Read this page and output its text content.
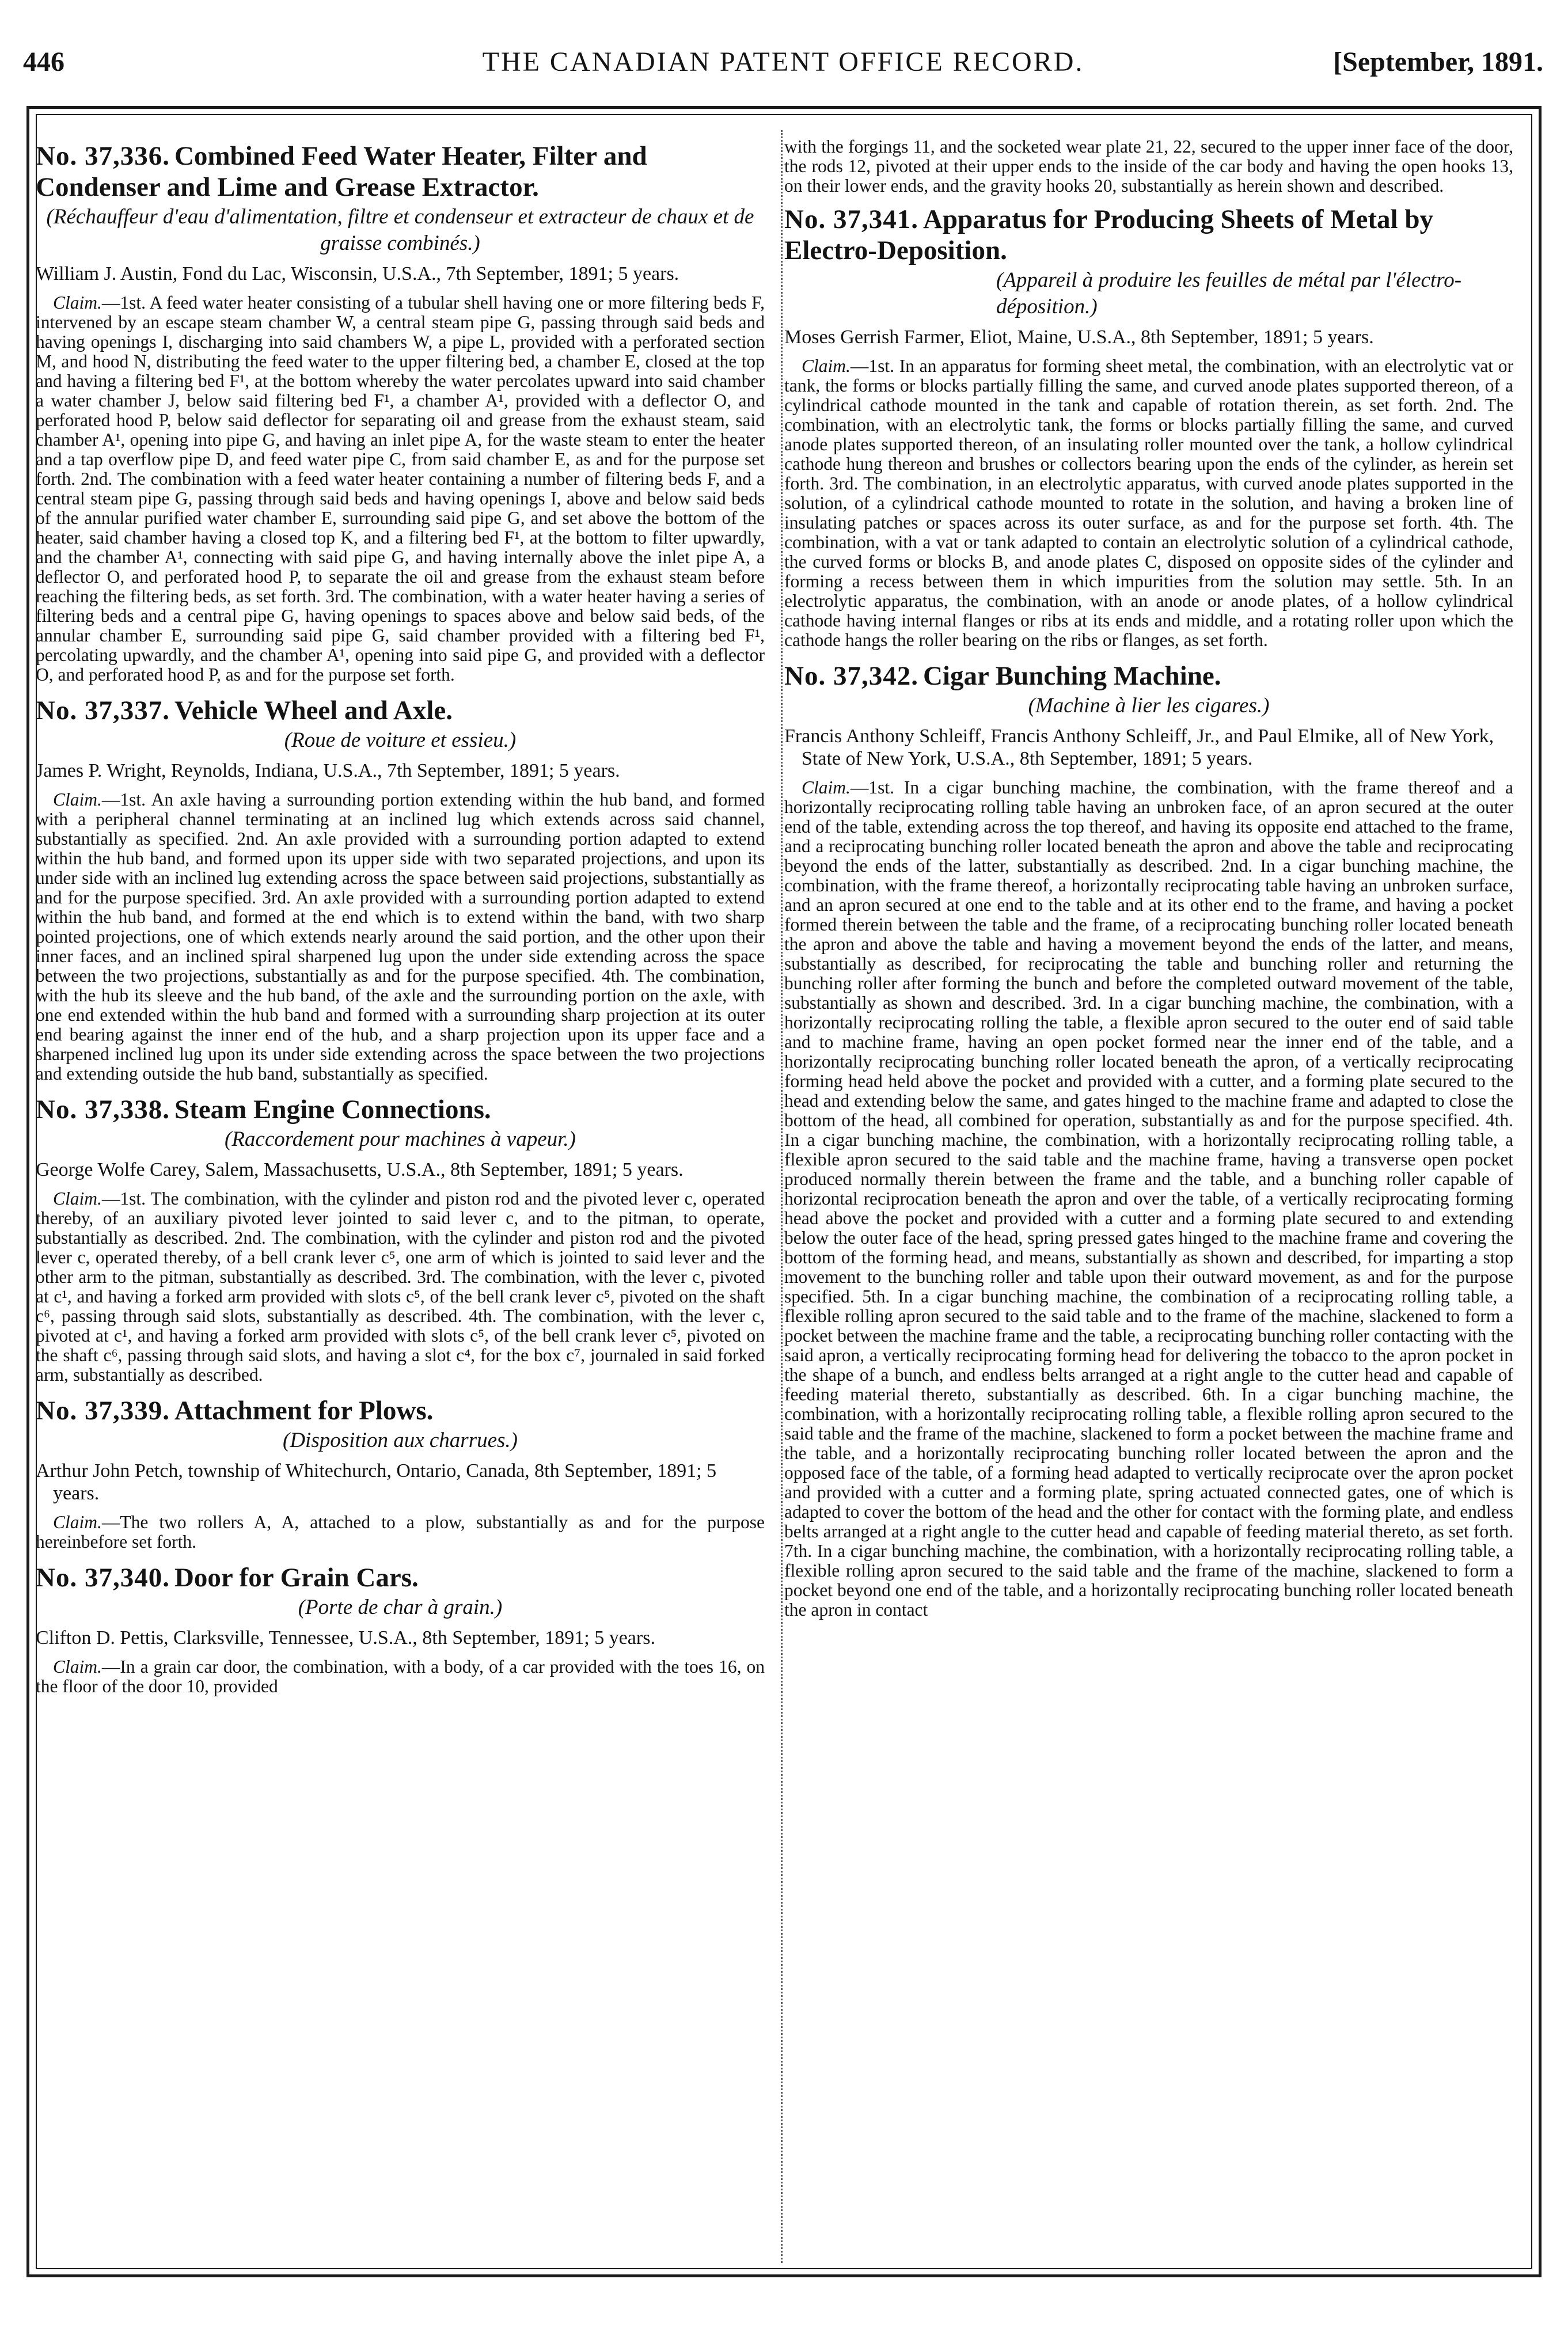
446	THE CANADIAN PATENT OFFICE RECORD.	[September, 1891.
No. 37,336. Combined Feed Water Heater, Filter and Condenser and Lime and Grease Extractor.
(Réchauffeur d'eau d'alimentation, filtre et condenseur et extracteur de chaux et de graisse combinés.)
William J. Austin, Fond du Lac, Wisconsin, U.S.A., 7th September, 1891; 5 years.

Claim.—1st. A feed water heater consisting of a tubular shell having one or more filtering beds F, intervened by an escape steam chamber W, a central steam pipe G, passing through said beds and having openings I, discharging into said chambers W, a pipe L, provided with a perforated section M, and hood N, distributing the feed water to the upper filtering bed, a chamber E, closed at the top and having a filtering bed F¹, at the bottom whereby the water percolates upward into said chamber a water chamber J, below said filtering bed F¹, a chamber A¹, provided with a deflector O, and perforated hood P, below said deflector for separating oil and grease from the exhaust steam, said chamber A¹, opening into pipe G, and having an inlet pipe A, for the waste steam to enter the heater and a tap overflow pipe D, and feed water pipe C, from said chamber E, as and for the purpose set forth. 2nd. The combination with a feed water heater containing a number of filtering beds F, and a central steam pipe G, passing through said beds and having openings I, above and below said beds of the annular purified water chamber E, surrounding said pipe G, and set above the bottom of the heater, said chamber having a closed top K, and a filtering bed F¹, at the bottom to filter upwardly, and the chamber A¹, connecting with said pipe G, and having internally above the inlet pipe A, a deflector O, and perforated hood P, to separate the oil and grease from the exhaust steam before reaching the filtering beds, as set forth. 3rd. The combination, with a water heater having a series of filtering beds and a central pipe G, having openings to spaces above and below said beds, of the annular chamber E, surrounding said pipe G, said chamber provided with a filtering bed F¹, percolating upwardly, and the chamber A¹, opening into said pipe G, and provided with a deflector O, and perforated hood P, as and for the purpose set forth.

No. 37,337. Vehicle Wheel and Axle.
(Roue de voiture et essieu.)
James P. Wright, Reynolds, Indiana, U.S.A., 7th September, 1891; 5 years.

Claim.—1st. An axle having a surrounding portion extending within the hub band, and formed with a peripheral channel terminating at an inclined lug which extends across said channel, substantially as specified. 2nd. An axle provided with a surrounding portion adapted to extend within the hub band, and formed upon its upper side with two separated projections, and upon its under side with an inclined lug extending across the space between said projections, substantially as and for the purpose specified. 3rd. An axle provided with a surrounding portion adapted to extend within the hub band, and formed at the end which is to extend within the band, with two sharp pointed projections, one of which extends nearly around the said portion, and the other upon their inner faces, and an inclined spiral sharpened lug upon the under side extending across the space between the two projections, substantially as and for the purpose specified. 4th. The combination, with the hub its sleeve and the hub band, of the axle and the surrounding portion on the axle, with one end extended within the hub band and formed with a surrounding sharp projection at its outer end bearing against the inner end of the hub, and a sharp projection upon its upper face and a sharpened inclined lug upon its under side extending across the space between the two projections and extending outside the hub band, substantially as specified.

No. 37,338. Steam Engine Connections.
(Raccordement pour machines à vapeur.)
George Wolfe Carey, Salem, Massachusetts, U.S.A., 8th September, 1891; 5 years.

Claim.—1st. The combination, with the cylinder and piston rod and the pivoted lever c, operated thereby, of an auxiliary pivoted lever jointed to said lever c, and to the pitman, to operate, substantially as described. 2nd. The combination, with the cylinder and piston rod and the pivoted lever c, operated thereby, of a bell crank lever c⁵, one arm of which is jointed to said lever and the other arm to the pitman, substantially as described. 3rd. The combination, with the lever c, pivoted at c¹, and having a forked arm provided with slots c⁵, of the bell crank lever c⁵, pivoted on the shaft c⁶, passing through said slots, substantially as described. 4th. The combination, with the lever c, pivoted at c¹, and having a forked arm provided with slots c⁵, of the bell crank lever c⁵, pivoted on the shaft c⁶, passing through said slots, and having a slot c⁴, for the box c⁷, journaled in said forked arm, substantially as described.

No. 37,339. Attachment for Plows.
(Disposition aux charrues.)
Arthur John Petch, township of Whitechurch, Ontario, Canada, 8th September, 1891; 5 years.

Claim.—The two rollers A, A, attached to a plow, substantially as and for the purpose hereinbefore set forth.

No. 37,340. Door for Grain Cars.
(Porte de char à grain.)
Clifton D. Pettis, Clarksville, Tennessee, U.S.A., 8th September, 1891; 5 years.

Claim.—In a grain car door, the combination, with a body, of a car provided with the toes 16, on the floor of the door 10, provided

with the forgings 11, and the socketed wear plate 21, 22, secured to the upper inner face of the door, the rods 12, pivoted at their upper ends to the inside of the car body and having the open hooks 13, on their lower ends, and the gravity hooks 20, substantially as herein shown and described.

No. 37,341. Apparatus for Producing Sheets of Metal by Electro-Deposition.
(Appareil à produire les feuilles de métal par l'électro-déposition.)
Moses Gerrish Farmer, Eliot, Maine, U.S.A., 8th September, 1891; 5 years.

Claim.—1st. In an apparatus for forming sheet metal, the combination, with an electrolytic vat or tank, the forms or blocks partially filling the same, and curved anode plates supported thereon, of a cylindrical cathode mounted in the tank and capable of rotation therein, as set forth. 2nd. The combination, with an electrolytic tank, the forms or blocks partially filling the same, and curved anode plates supported thereon, of an insulating roller mounted over the tank, a hollow cylindrical cathode hung thereon and brushes or collectors bearing upon the ends of the cylinder, as herein set forth. 3rd. The combination, in an electrolytic apparatus, with curved anode plates supported in the solution, of a cylindrical cathode mounted to rotate in the solution, and having a broken line of insulating patches or spaces across its outer surface, as and for the purpose set forth. 4th. The combination, with a vat or tank adapted to contain an electrolytic solution of a cylindrical cathode, the curved forms or blocks B, and anode plates C, disposed on opposite sides of the cylinder and forming a recess between them in which impurities from the solution may settle. 5th. In an electrolytic apparatus, the combination, with an anode or anode plates, of a hollow cylindrical cathode having internal flanges or ribs at its ends and middle, and a rotating roller upon which the cathode hangs the roller bearing on the ribs or flanges, as set forth.

No. 37,342. Cigar Bunching Machine.
(Machine à lier les cigares.)
Francis Anthony Schleiff, Francis Anthony Schleiff, Jr., and Paul Elmike, all of New York, State of New York, U.S.A., 8th September, 1891; 5 years.

Claim.—1st. In a cigar bunching machine, the combination, with the frame thereof and a horizontally reciprocating rolling table having an unbroken face, of an apron secured at the outer end of the table, extending across the top thereof, and having its opposite end attached to the frame, and a reciprocating bunching roller located beneath the apron and above the table and reciprocating beyond the ends of the latter, substantially as described. 2nd. In a cigar bunching machine, the combination, with the frame thereof, a horizontally reciprocating table having an unbroken surface, and an apron secured at one end to the table and at its other end to the frame, and having a pocket formed therein between the table and the frame, of a reciprocating bunching roller located beneath the apron and above the table and having a movement beyond the ends of the latter, and means, substantially as described, for reciprocating the table and bunching roller and returning the bunching roller after forming the bunch and before the completed outward movement of the table, substantially as shown and described. 3rd. In a cigar bunching machine, the combination, with a horizontally reciprocating rolling the table, a flexible apron secured to the outer end of said table and to machine frame, having an open pocket formed near the inner end of the table, and a horizontally reciprocating bunching roller located beneath the apron, of a vertically reciprocating forming head held above the pocket and provided with a cutter, and a forming plate secured to the head and extending below the same, and gates hinged to the machine frame and adapted to close the bottom of the head, all combined for operation, substantially as and for the purpose specified. 4th. In a cigar bunching machine, the combination, with a horizontally reciprocating rolling table, a flexible apron secured to the said table and the machine frame, having a transverse open pocket produced normally therein between the frame and the table, and a bunching roller capable of horizontal reciprocation beneath the apron and over the table, of a vertically reciprocating forming head above the pocket and provided with a cutter and a forming plate secured to and extending below the outer face of the head, spring pressed gates hinged to the machine frame and covering the bottom of the forming head, and means, substantially as shown and described, for imparting a stop movement to the bunching roller and table upon their outward movement, as and for the purpose specified. 5th. In a cigar bunching machine, the combination of a reciprocating rolling table, a flexible rolling apron secured to the said table and to the frame of the machine, slackened to form a pocket between the machine frame and the table, a reciprocating bunching roller contacting with the said apron, a vertically reciprocating forming head for delivering the tobacco to the apron pocket in the shape of a bunch, and endless belts arranged at a right angle to the cutter head and capable of feeding material thereto, substantially as described. 6th. In a cigar bunching machine, the combination, with a horizontally reciprocating rolling table, a flexible rolling apron secured to the said table and the frame of the machine, slackened to form a pocket between the machine frame and the table, and a horizontally reciprocating bunching roller located between the apron and the opposed face of the table, of a forming head adapted to vertically reciprocate over the apron pocket and provided with a cutter and a forming plate, spring actuated connected gates, one of which is adapted to cover the bottom of the head and the other for contact with the forming plate, and endless belts arranged at a right angle to the cutter head and capable of feeding material thereto, as set forth. 7th. In a cigar bunching machine, the combination, with a horizontally reciprocating rolling table, a flexible rolling apron secured to the said table and the frame of the machine, slackened to form a pocket beyond one end of the table, and a horizontally reciprocating bunching roller located beneath the apron in contact
